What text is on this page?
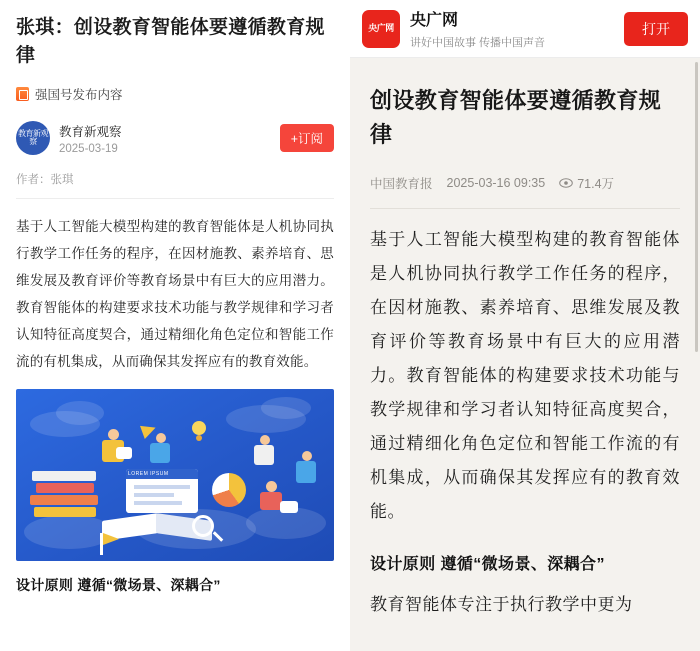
张琪：创设教育智能体要遵循教育规律
强国号发布内容
教育新观察
教育新观察
2025-03-19
+订阅
作者：张琪
基于人工智能大模型构建的教育智能体是人机协同执行教学工作任务的程序，在因材施教、素养培育、思维发展及教育评价等教育场景中有巨大的应用潜力。教育智能体的构建要求技术功能与教学规律和学习者认知特征高度契合，通过精细化角色定位和智能工作流的有机集成，从而确保其发挥应有的教育效能。
LOREM IPSUM
设计原则 遵循“微场景、深耦合”
央广网	央广网
讲好中国故事 传播中国声音
打开
创设教育智能体要遵循教育规律
中国教育报 2025-03-16 09:35	71.4万
基于人工智能大模型构建的教育智能体是人机协同执行教学工作任务的程序，在因材施教、素养培育、思维发展及教育评价等教育场景中有巨大的应用潜力。教育智能体的构建要求技术功能与教学规律和学习者认知特征高度契合，通过精细化角色定位和智能工作流的有机集成，从而确保其发挥应有的教育效能。
设计原则 遵循“微场景、深耦合”
教育智能体专注于执行教学中更为
